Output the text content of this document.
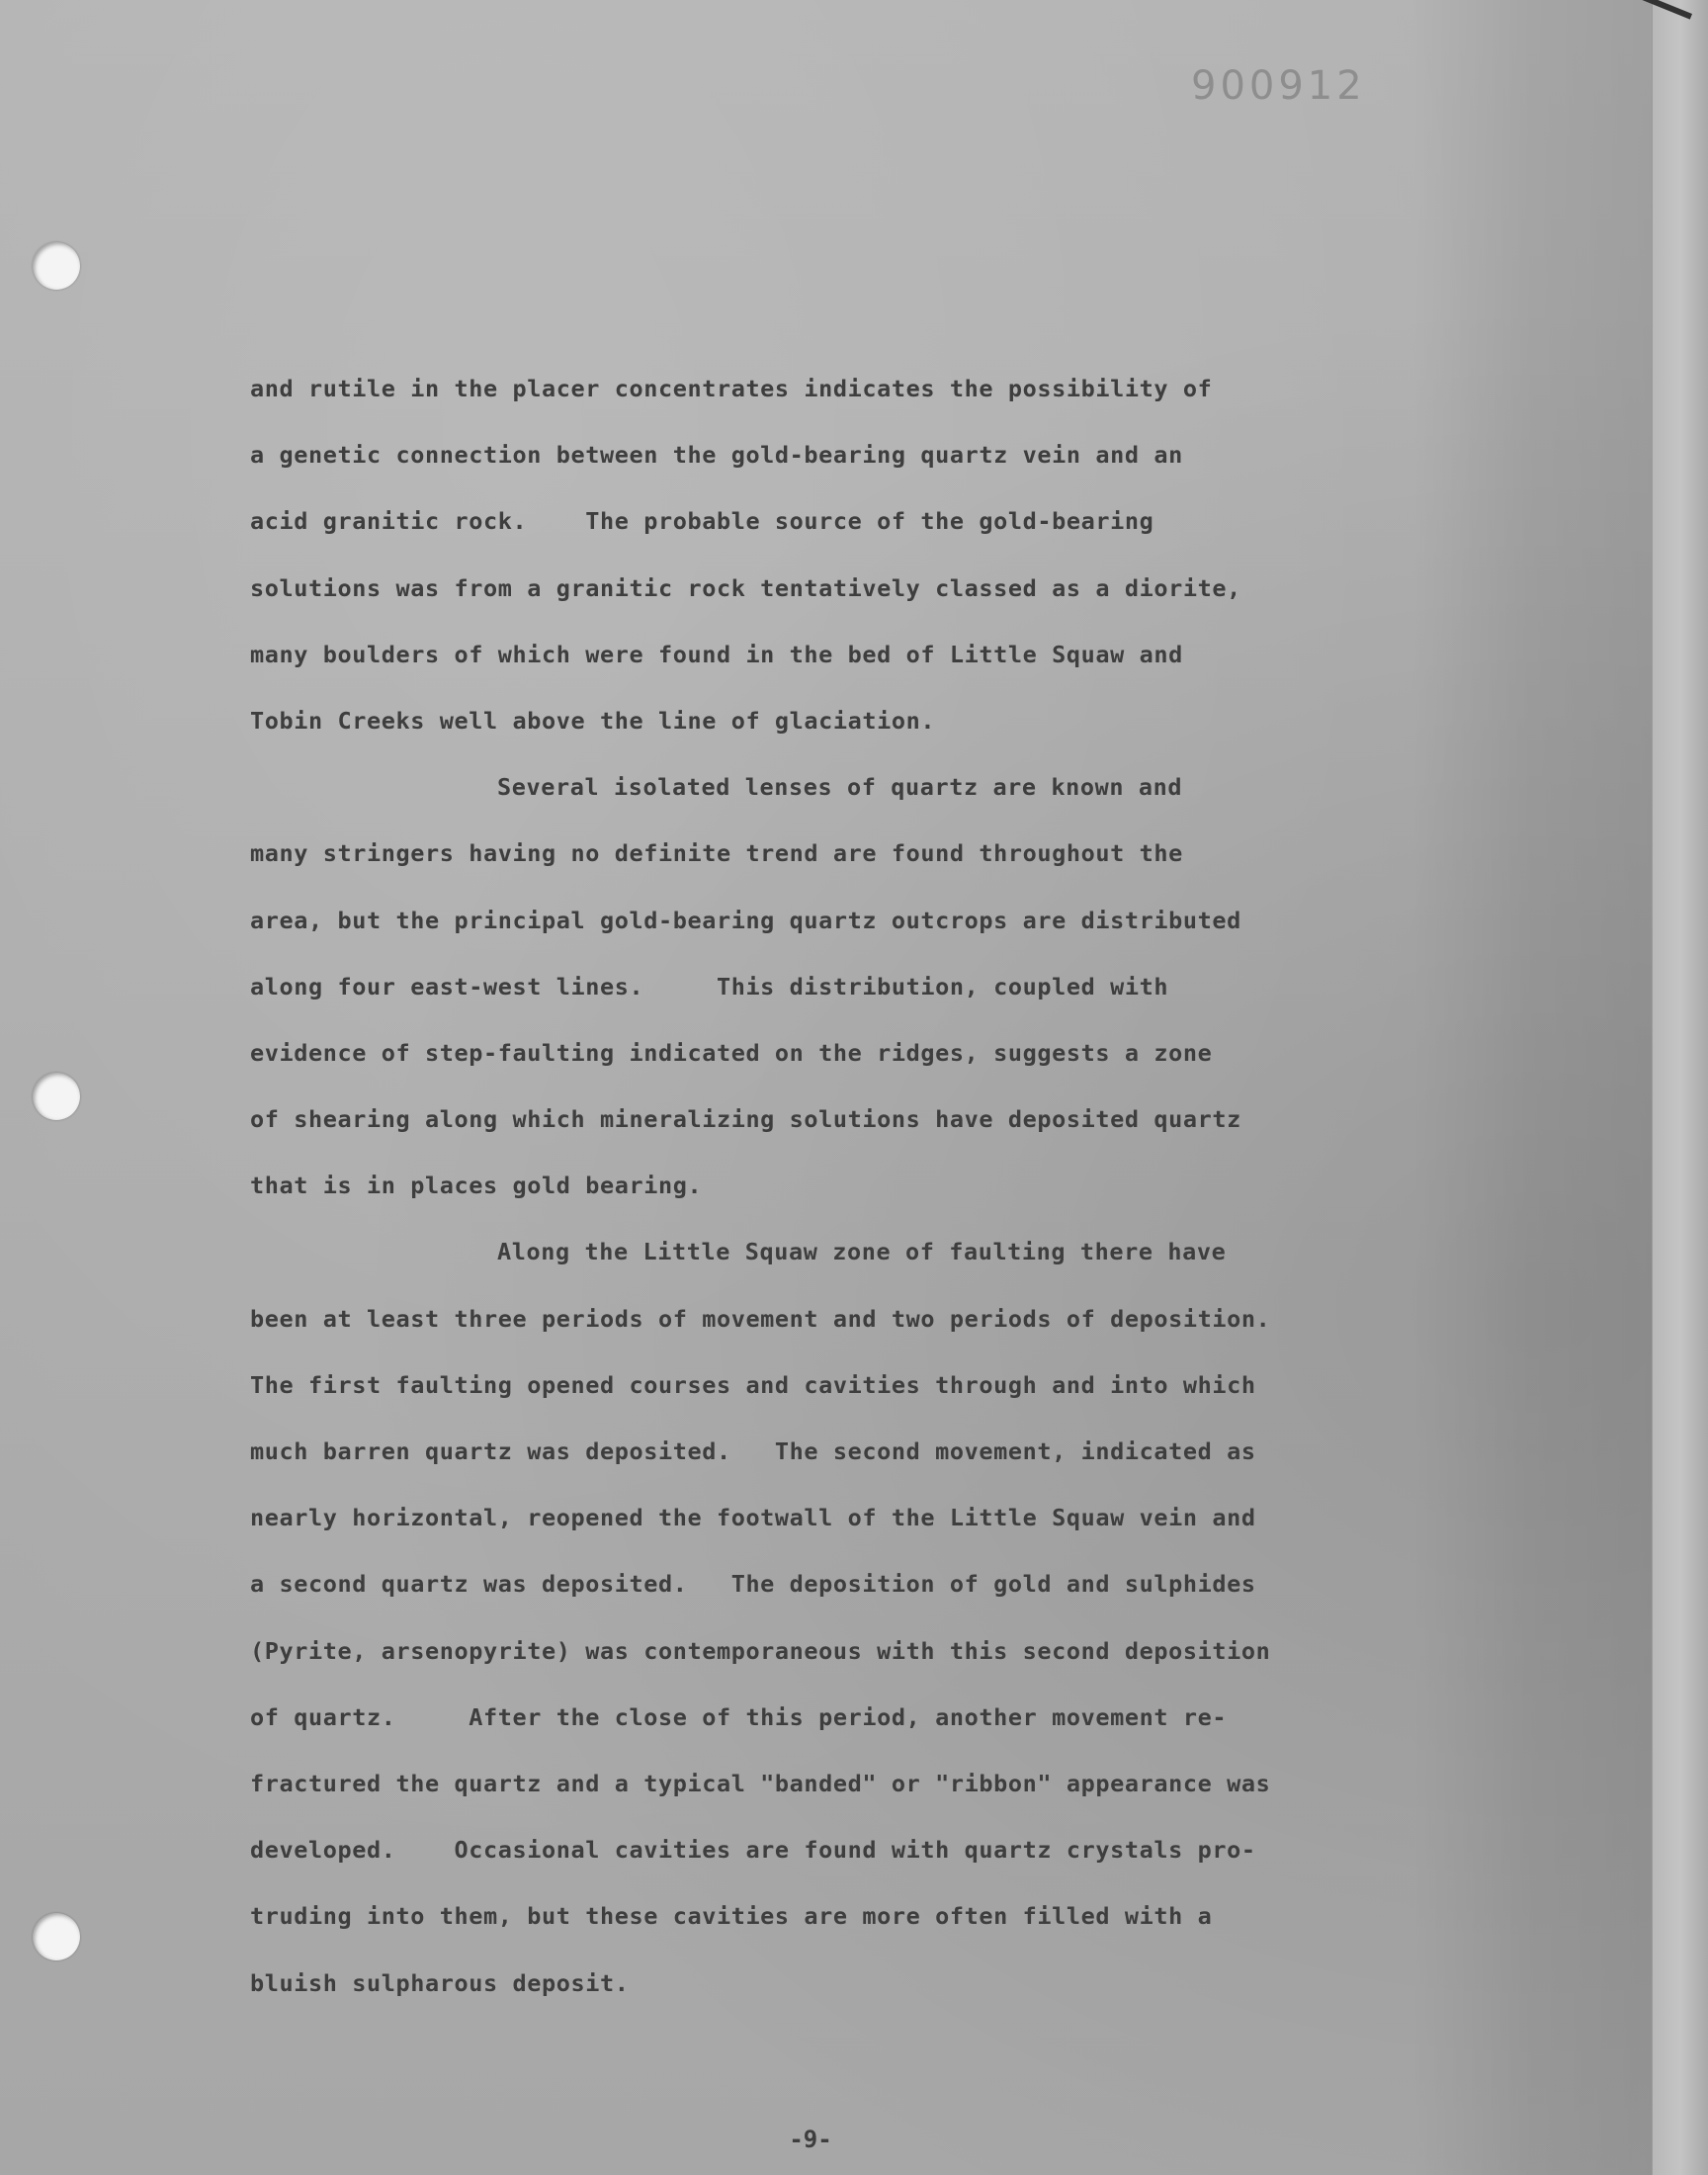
900912
and rutile in the placer concentrates indicates the possibility of
a genetic connection between the gold-bearing quartz vein and an
acid granitic rock.    The probable source of the gold-bearing
solutions was from a granitic rock tentatively classed as a diorite,
many boulders of which were found in the bed of Little Squaw and
Tobin Creeks well above the line of glaciation.
Several isolated lenses of quartz are known and
many stringers having no definite trend are found throughout the
area, but the principal gold-bearing quartz outcrops are distributed
along four east-west lines.     This distribution, coupled with
evidence of step-faulting indicated on the ridges, suggests a zone
of shearing along which mineralizing solutions have deposited quartz
that is in places gold bearing.
Along the Little Squaw zone of faulting there have
been at least three periods of movement and two periods of deposition.
The first faulting opened courses and cavities through and into which
much barren quartz was deposited.   The second movement, indicated as
nearly horizontal, reopened the footwall of the Little Squaw vein and
a second quartz was deposited.   The deposition of gold and sulphides
(Pyrite, arsenopyrite) was contemporaneous with this second deposition
of quartz.     After the close of this period, another movement re-
fractured the quartz and a typical "banded" or "ribbon" appearance was
developed.    Occasional cavities are found with quartz crystals pro-
truding into them, but these cavities are more often filled with a
bluish sulpharous deposit.
-9-
